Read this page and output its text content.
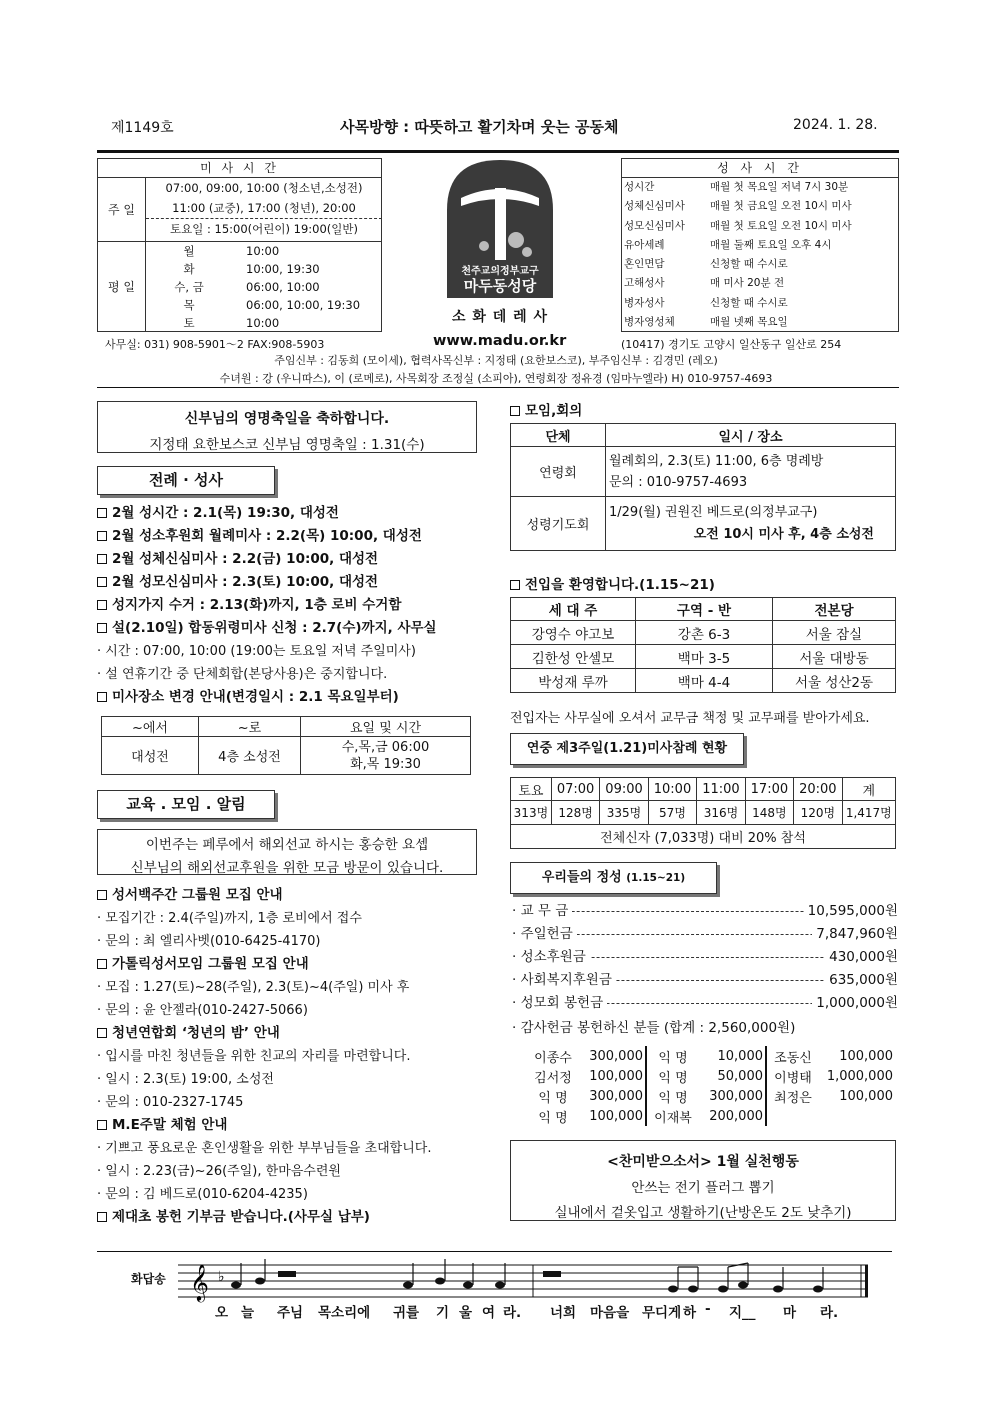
제1149호	사목방향 : 따뜻하고 활기차며 웃는 공동체	2024. 1. 28.
미 사 시 간
주 일
07:00, 09:00, 10:00 (청소년,소성전)
11:00 (교중), 17:00 (청년), 20:00
토요일 : 15:00(어린이) 19:00(일반)
평 일
월	10:00
화	10:00, 19:30
수, 금	06:00, 10:00
목	06:00, 10:00, 19:30
토	10:00
천주교의정부교구
마두동성당
소 화 데 레 사
성 사 시 간
성시간	매월 첫 목요일 저녁 7시 30분
성체신심미사 매월 첫 금요일 오전 10시 미사
성모신심미사 매월 첫 토요일 오전 10시 미사
유아세례	매월 둘째 토요일 오후 4시
혼인면담	신청할 때 수시로
고해성사	매 미사 20분 전
병자성사	신청할 때 수시로
병자영성체	매월 넷째 목요일
사무실: 031) 908-5901～2 FAX:908-5903	www.madu.or.kr	(10417) 경기도 고양시 일산동구 일산로 254
주임신부 : 김동희 (모이세), 협력사목신부 : 지정태 (요한보스코), 부주임신부 : 김경민 (레오)
수녀원 : 강 (우니따스), 이 (로메로), 사목회장 조정실 (소피아), 연령회장 정유경 (임마누엘라) H) 010-9757-4693
신부님의 영명축일을 축하합니다.
지정태 요한보스코 신부님 영명축일 : 1.31(수)
전례 · 성사
2월 성시간 : 2.1(목) 19:30, 대성전
2월 성소후원회 월례미사 : 2.2(목) 10:00, 대성전
2월 성체신심미사 : 2.2(금) 10:00, 대성전
2월 성모신심미사 : 2.3(토) 10:00, 대성전
성지가지 수거 : 2.13(화)까지, 1층 로비 수거함
설(2.10일) 합동위령미사 신청 : 2.7(수)까지, 사무실
· 시간 : 07:00, 10:00 (19:00는 토요일 저녁 주일미사)
· 설 연휴기간 중 단체회합(본당사용)은 중지합니다.
미사장소 변경 안내(변경일시 : 2.1 목요일부터)
~에서	~로	요일 및 시간
대성전	4층 소성전	수,목,금 06:00
화,목 19:30
교육 . 모임 . 알림
이번주는 페루에서 해외선교 하시는 홍승한 요셉
신부님의 해외선교후원을 위한 모금 방문이 있습니다.
성서백주간 그룹원 모집 안내
· 모집기간 : 2.4(주일)까지, 1층 로비에서 접수
· 문의 : 최 엘리사벳(010-6425-4170)
가톨릭성서모임 그룹원 모집 안내
· 모집 : 1.27(토)~28(주일), 2.3(토)~4(주일) 미사 후
· 문의 : 윤 안젤라(010-2427-5066)
청년연합회 ‘청년의 밤’ 안내
· 입시를 마친 청년들을 위한 친교의 자리를 마련합니다.
· 일시 : 2.3(토) 19:00, 소성전
· 문의 : 010-2327-1745
M.E주말 체험 안내
· 기쁘고 풍요로운 혼인생활을 위한 부부님들을 초대합니다.
· 일시 : 2.23(금)~26(주일), 한마음수련원
· 문의 : 김 베드로(010-6204-4235)
제대초 봉헌 기부금 받습니다.(사무실 납부)
모임,회의
단체	일시 / 장소
연령회	월례회의, 2.3(토) 11:00, 6층 명례방
문의 : 010-9757-4693

성령기도회	1/29(월) 권원진 베드로(의정부교구)
오전 10시 미사 후, 4층 소성전
전입을 환영합니다.(1.15~21)
세 대 주	구역 - 반	전본당
강영수 야고보	강촌 6-3	서울 잠실
김한성 안셀모	백마 3-5	서울 대방동
박성재 루까	백마 4-4	서울 성산2동
전입자는 사무실에 오셔서 교무금 책정 및 교무패를 받아가세요.
연중 제3주일(1.21)미사참례 현황
토요	07:00	09:00	10:00	11:00	17:00	20:00	계
313명	128명	335명	57명	316명	148명	120명	1,417명
전체신자 (7,033명) 대비 20% 참석							
우리들의 정성 (1.15~21)
· 교 무 금	10,595,000원
· 주일헌금	7,847,960원
· 성소후원금	430,000원
· 사회복지후원금	635,000원
· 성모회 봉헌금	1,000,000원
· 감사헌금 봉헌하신 분들 (합계 : 2,560,000원)
이종수	300,000	익 명	10,000	조동신	100,000
김서정	100,000	익 명	50,000	이병태	1,000,000
익 명	300,000	익 명	300,000	최정은	100,000
익 명	100,000	이재복	200,000		
<찬미받으소서> 1월 실천행동
안쓰는 전기 플러그 뽑기
실내에서 겉옷입고 생활하기(난방온도 2도 낮추기)
화답송 𝄞 ♭
오 늘 주님 목소리에 귀를 기 울 여 라. 너희 마음을 무디게 하 - 지__ 마 라.
